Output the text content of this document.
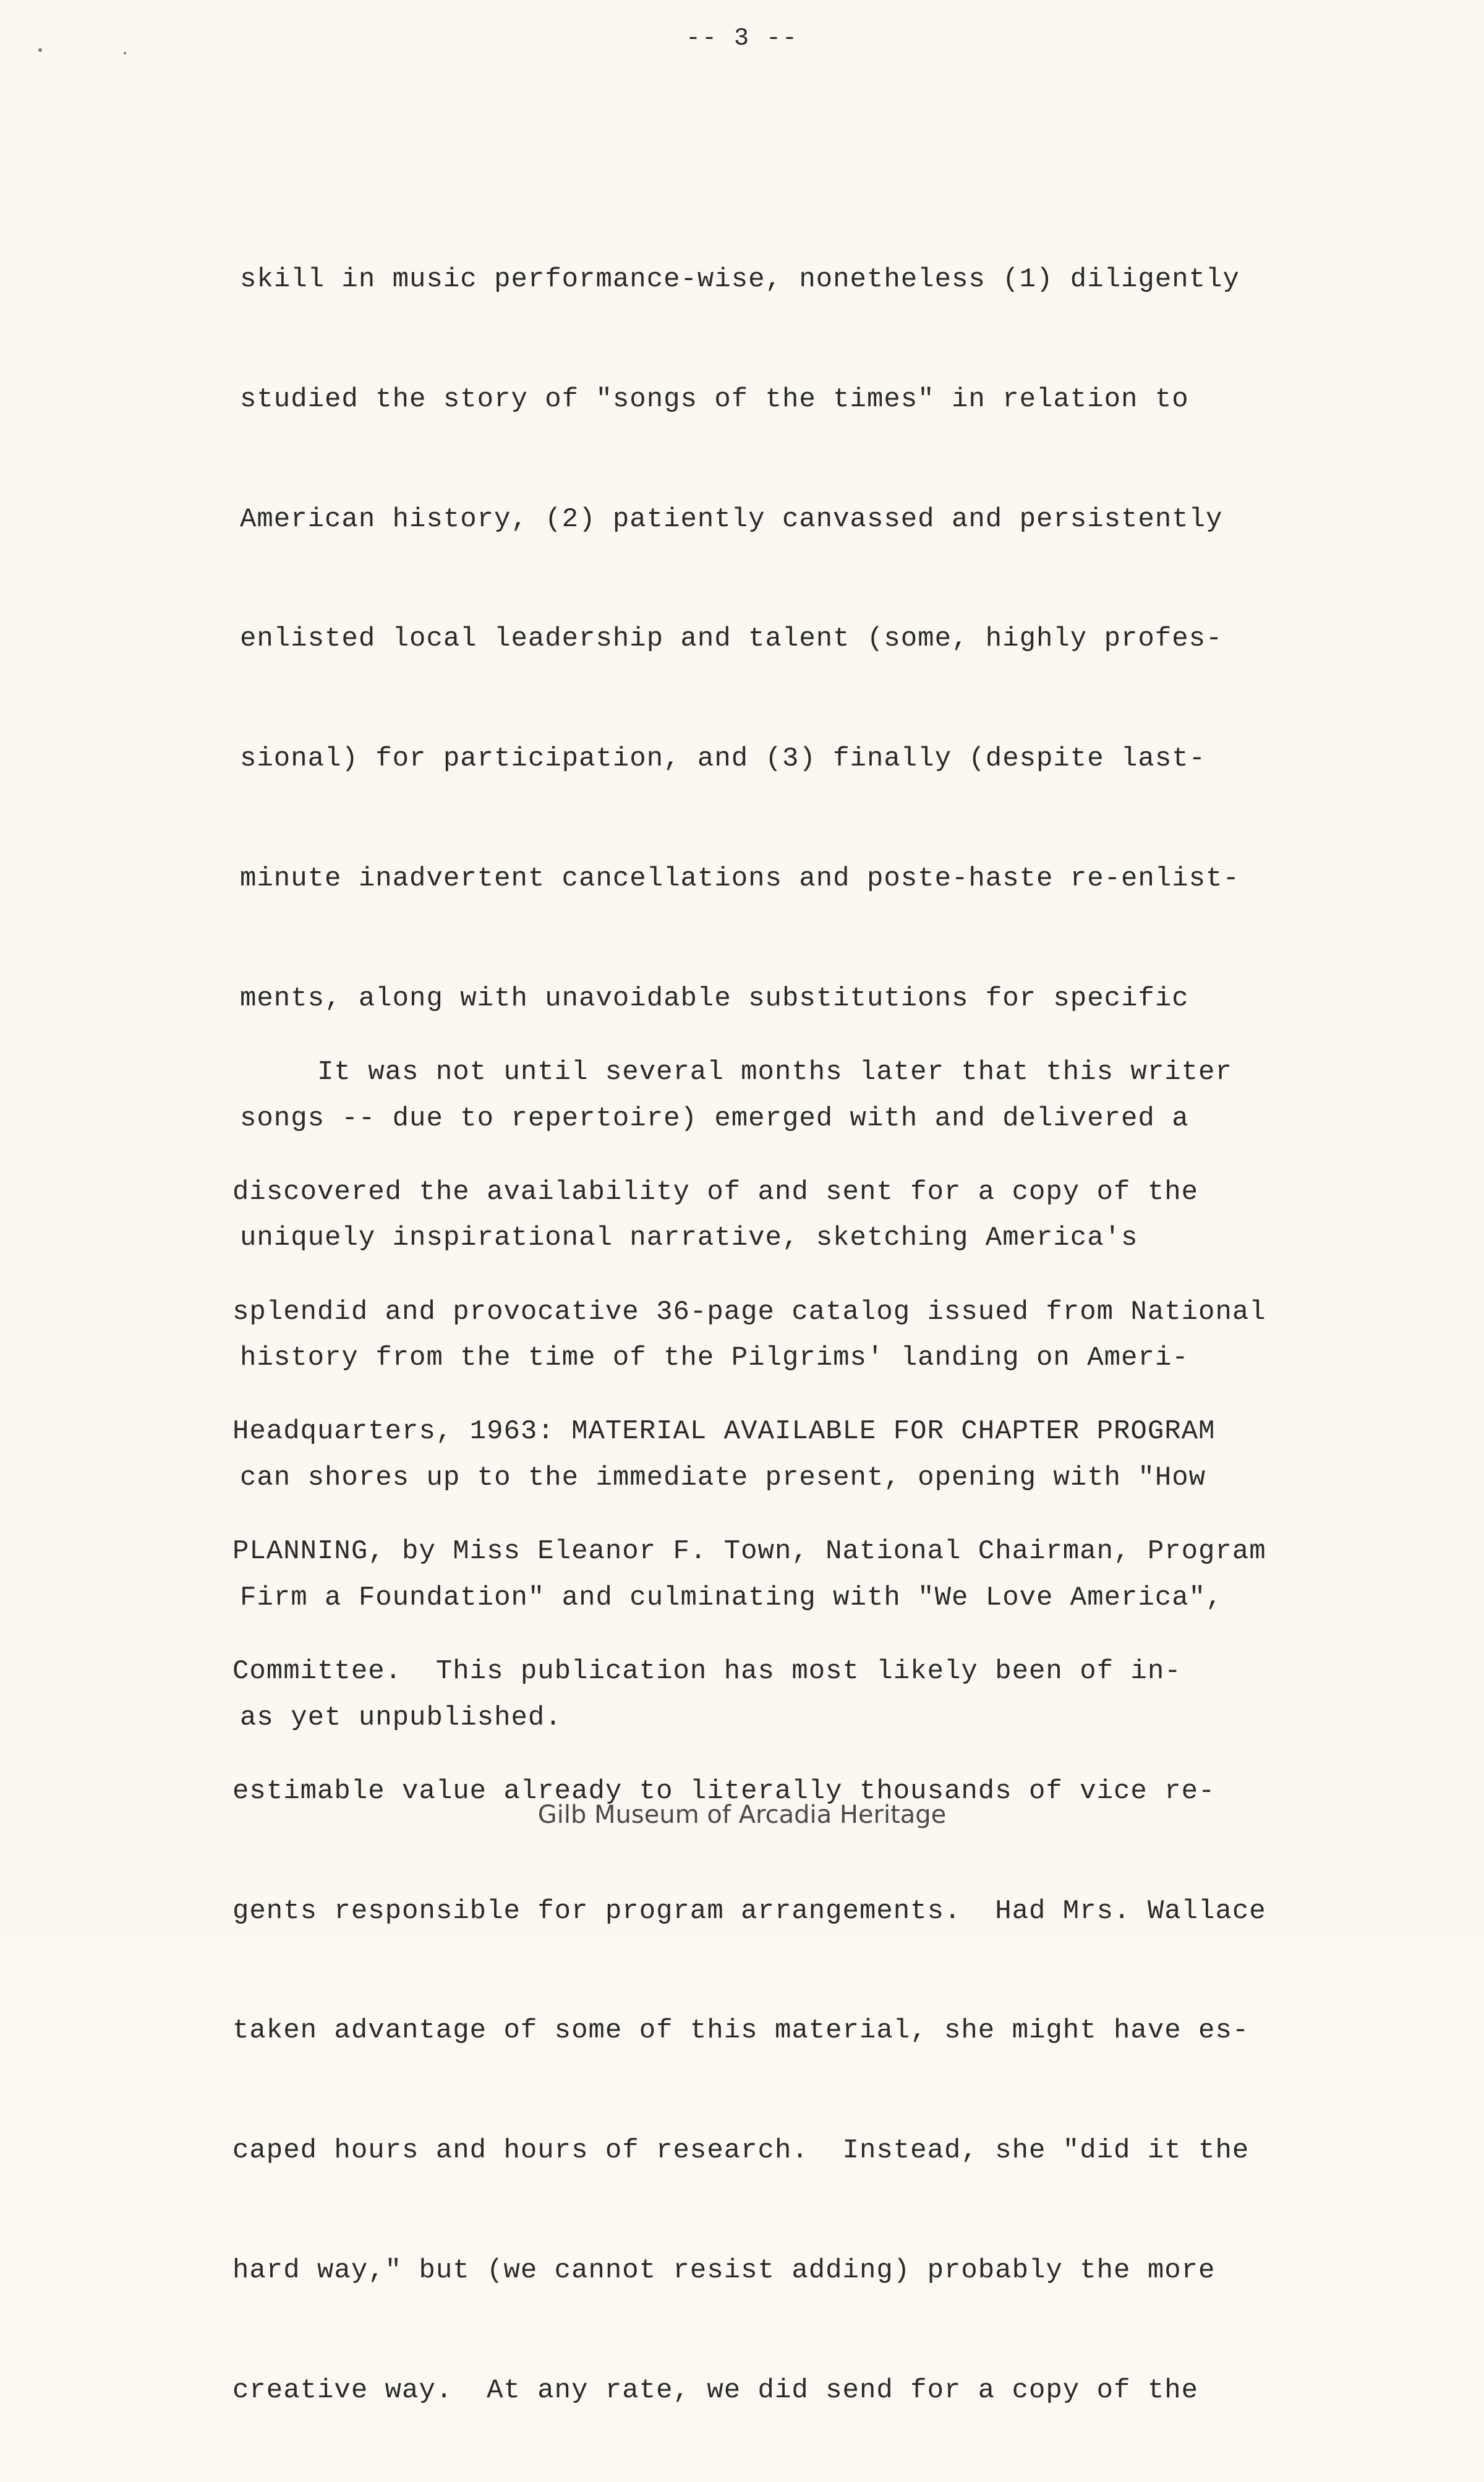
-- 3 --

skill in music performance-wise, nonetheless (1) diligently

studied the story of "songs of the times" in relation to

American history, (2) patiently canvassed and persistently

enlisted local leadership and talent (some, highly profes-

sional) for participation, and (3) finally (despite last-

minute inadvertent cancellations and poste-haste re-enlist-

ments, along with unavoidable substitutions for specific

songs -- due to repertoire) emerged with and delivered a

uniquely inspirational narrative, sketching America's

history from the time of the Pilgrims' landing on Ameri-

can shores up to the immediate present, opening with "How

Firm a Foundation" and culminating with "We Love America",

as yet unpublished.

It was not until several months later that this writer

discovered the availability of and sent for a copy of the

splendid and provocative 36-page catalog issued from National

Headquarters, 1963: MATERIAL AVAILABLE FOR CHAPTER PROGRAM

PLANNING, by Miss Eleanor F. Town, National Chairman, Program

Committee.  This publication has most likely been of in-

estimable value already to literally thousands of vice re-

gents responsible for program arrangements.  Had Mrs. Wallace

taken advantage of some of this material, she might have es-

caped hours and hours of research.  Instead, she "did it the

hard way," but (we cannot resist adding) probably the more

creative way.  At any rate, we did send for a copy of the

Gilb Museum of Arcadia Heritage
